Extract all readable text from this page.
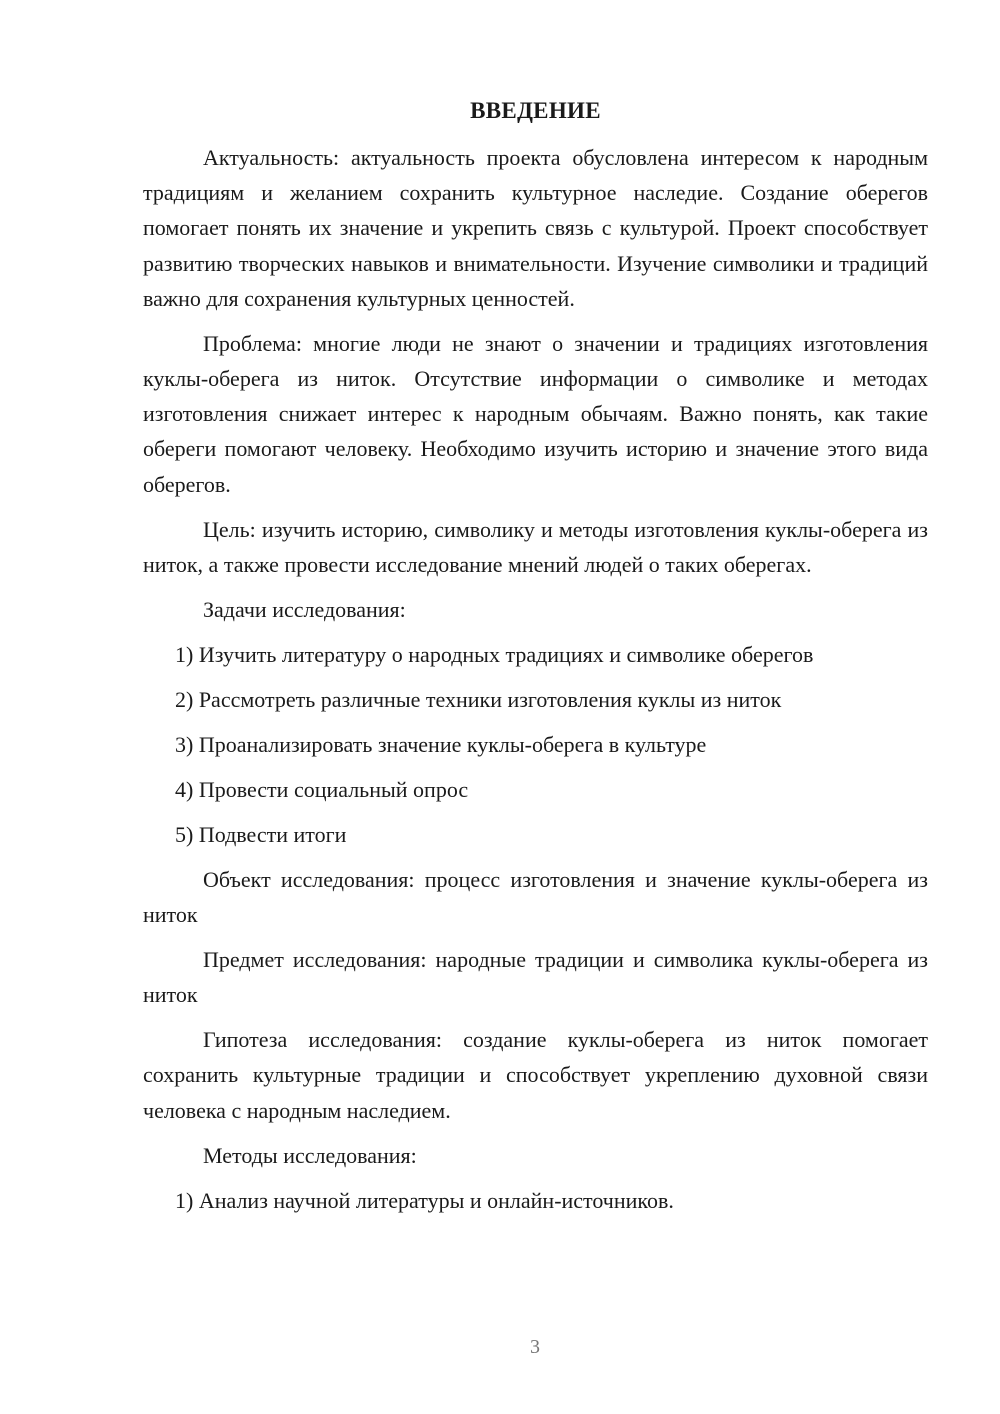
ВВЕДЕНИЕ

Актуальность: актуальность проекта обусловлена интересом к народным традициям и желанием сохранить культурное наследие. Создание оберегов помогает понять их значение и укрепить связь с культурой. Проект способствует развитию творческих навыков и внимательности. Изучение символики и традиций важно для сохранения культурных ценностей.

Проблема: многие люди не знают о значении и традициях изготовления куклы-оберега из ниток. Отсутствие информации о символике и методах изготовления снижает интерес к народным обычаям. Важно понять, как такие обереги помогают человеку. Необходимо изучить историю и значение этого вида оберегов.

Цель: изучить историю, символику и методы изготовления куклы-оберега из ниток, а также провести исследование мнений людей о таких оберегах.

Задачи исследования:
1) Изучить литературу о народных традициях и символике оберегов
2) Рассмотреть различные техники изготовления куклы из ниток
3) Проанализировать значение куклы-оберега в культуре
4) Провести социальный опрос
5) Подвести итоги

Объект исследования: процесс изготовления и значение куклы-оберега из ниток

Предмет исследования: народные традиции и символика куклы-оберега из ниток

Гипотеза исследования: создание куклы-оберега из ниток помогает сохранить культурные традиции и способствует укреплению духовной связи человека с народным наследием.

Методы исследования:
1) Анализ научной литературы и онлайн-источников.
3
